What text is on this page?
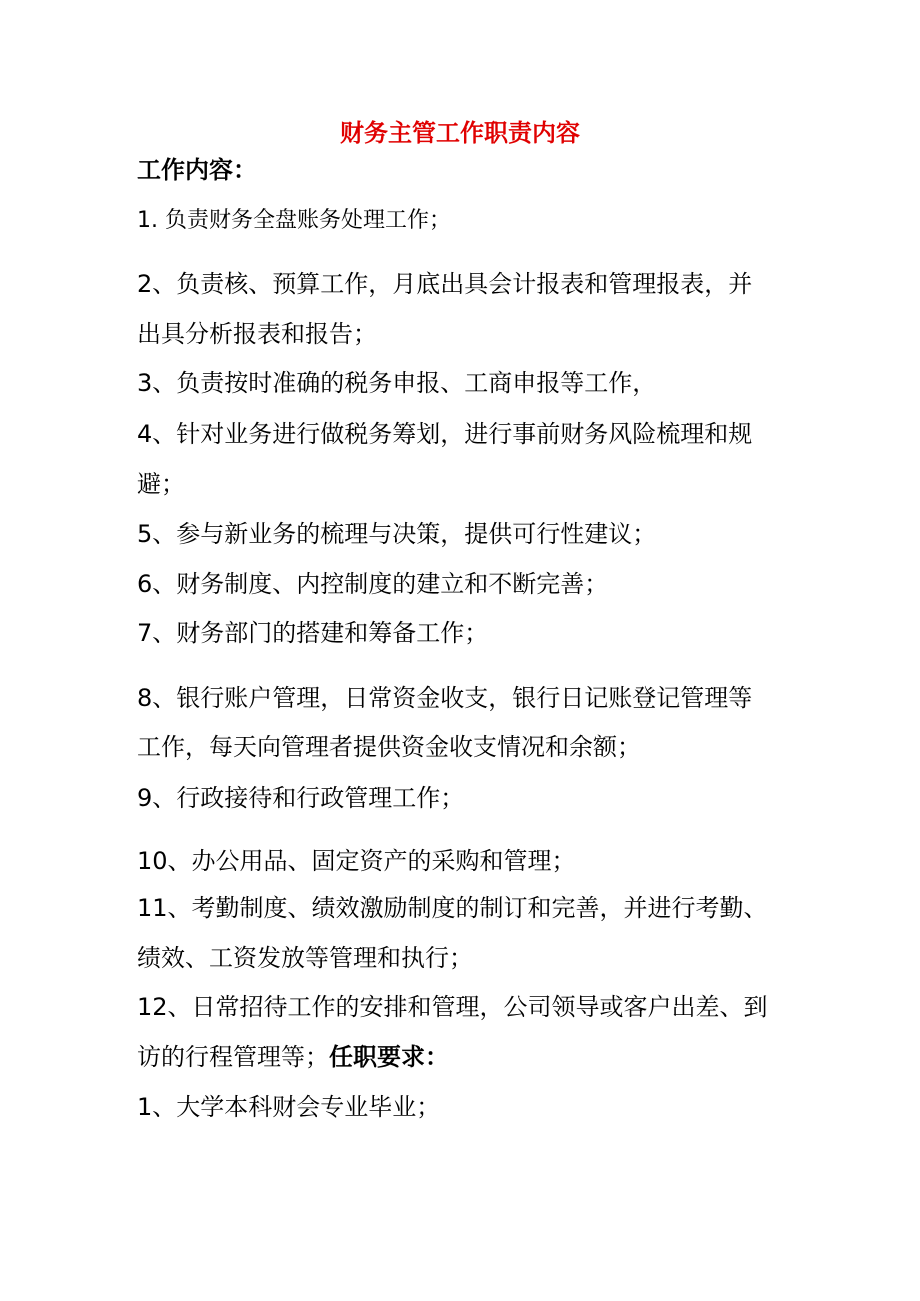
财务主管工作职责内容
工作内容：
1. 负责财务全盘账务处理工作；
2、负责核、预算工作，月底出具会计报表和管理报表，并
出具分析报表和报告；
3、负责按时准确的税务申报、工商申报等工作，
4、针对业务进行做税务筹划，进行事前财务风险梳理和规
避；
5、参与新业务的梳理与决策，提供可行性建议；
6、财务制度、内控制度的建立和不断完善；
7、财务部门的搭建和筹备工作；
8、银行账户管理，日常资金收支，银行日记账登记管理等
工作，每天向管理者提供资金收支情况和余额；
9、行政接待和行政管理工作；
10、办公用品、固定资产的采购和管理；
11、考勤制度、绩效激励制度的制订和完善，并进行考勤、
绩效、工资发放等管理和执行；
12、日常招待工作的安排和管理，公司领导或客户出差、到
访的行程管理等；任职要求：
1、大学本科财会专业毕业；
